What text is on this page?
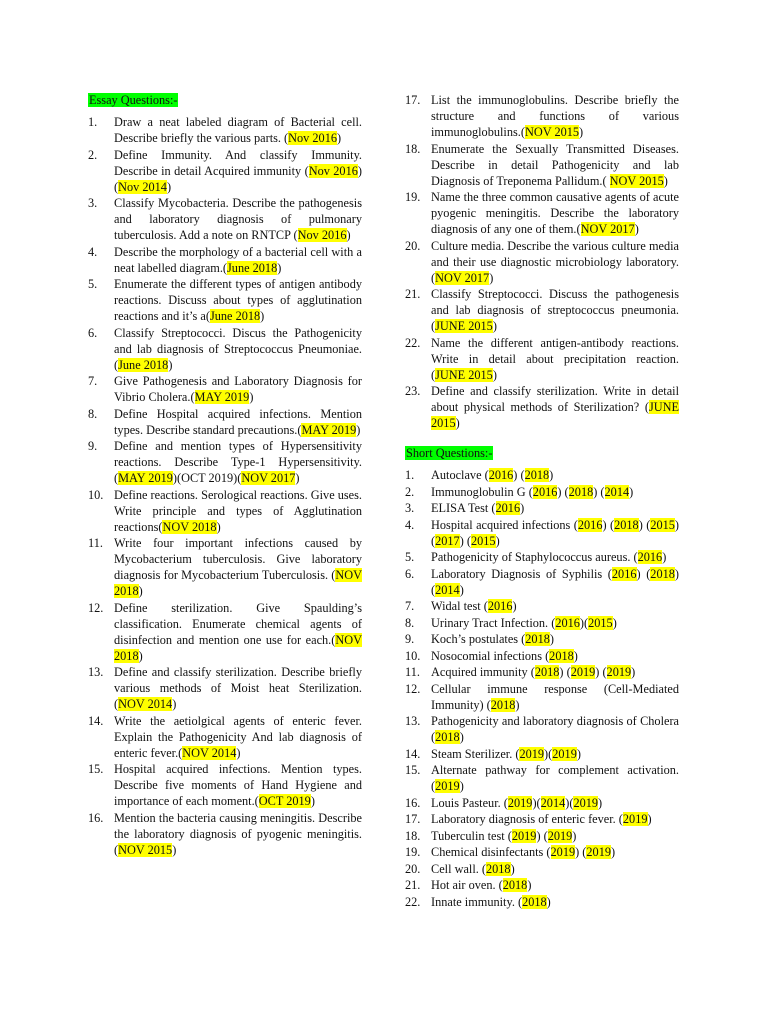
Essay Questions:-
1.	Draw a neat labeled diagram of Bacterial cell. Describe briefly the various parts. (Nov 2016)
2.	Define Immunity. And classify Immunity. Describe in detail Acquired immunity (Nov 2016)(Nov 2014)
3.	Classify Mycobacteria. Describe the pathogenesis and laboratory diagnosis of pulmonary tuberculosis. Add a note on RNTCP (Nov 2016)
4.	Describe the morphology of a bacterial cell with a neat labelled diagram.(June 2018)
5.	Enumerate the different types of antigen antibody reactions. Discuss about types of agglutination reactions and it’s a(June 2018)
6.	Classify Streptococci. Discus the Pathogenicity and lab diagnosis of Streptococcus Pneumoniae. (June 2018)
7.	Give Pathogenesis and Laboratory Diagnosis for Vibrio Cholera.(MAY 2019)
8.	Define Hospital acquired infections. Mention types. Describe standard precautions.(MAY 2019)
9.	Define and mention types of Hypersensitivity reactions. Describe Type-1 Hypersensitivity. (MAY 2019)(OCT 2019)(NOV 2017)
10. Define reactions. Serological reactions. Give uses. Write principle and types of Agglutination reactions(NOV 2018)
11. Write four important infections caused by Mycobacterium tuberculosis. Give laboratory diagnosis for Mycobacterium Tuberculosis. (NOV 2018)
12. Define sterilization. Give Spaulding’s classification. Enumerate chemical agents of disinfection and mention one use for each.(NOV 2018)
13. Define and classify sterilization. Describe briefly various methods of Moist heat Sterilization. (NOV 2014)
14. Write the aetiolgical agents of enteric fever. Explain the Pathogenicity And lab diagnosis of enteric fever.(NOV 2014)
15. Hospital acquired infections. Mention types. Describe five moments of Hand Hygiene and importance of each moment.(OCT 2019)
16. Mention the bacteria causing meningitis. Describe the laboratory diagnosis of pyogenic meningitis.(NOV 2015)
17. List the immunoglobulins. Describe briefly the structure and functions of various immunoglobulins.(NOV 2015)
18. Enumerate the Sexually Transmitted Diseases. Describe in detail Pathogenicity and lab Diagnosis of Treponema Pallidum.( NOV 2015)
19. Name the three common causative agents of acute pyogenic meningitis. Describe the laboratory diagnosis of any one of them.(NOV 2017)
20. Culture media. Describe the various culture media and their use diagnostic microbiology laboratory.(NOV 2017)
21. Classify Streptococci. Discuss the pathogenesis and lab diagnosis of streptococcus pneumonia. (JUNE 2015)
22. Name the different antigen-antibody reactions. Write in detail about precipitation reaction. (JUNE 2015)
23. Define and classify sterilization. Write in detail about physical methods of Sterilization? (JUNE 2015)
Short Questions:-
1.	Autoclave (2016) (2018)
2.	Immunoglobulin G (2016) (2018) (2014)
3.	ELISA Test (2016)
4.	Hospital acquired infections (2016) (2018) (2015) (2017) (2015)
5.	Pathogenicity of Staphylococcus aureus. (2016)
6.	Laboratory Diagnosis of Syphilis (2016) (2018) (2014)
7.	Widal test (2016)
8.	Urinary Tract Infection. (2016)(2015)
9.	Koch’s postulates (2018)
10. Nosocomial infections (2018)
11. Acquired immunity (2018) (2019) (2019)
12. Cellular immune response (Cell-Mediated Immunity) (2018)
13. Pathogenicity and laboratory diagnosis of Cholera (2018)
14. Steam Sterilizer. (2019)(2019)
15. Alternate pathway for complement activation. (2019)
16. Louis Pasteur. (2019)(2014)(2019)
17. Laboratory diagnosis of enteric fever. (2019)
18. Tuberculin test (2019) (2019)
19. Chemical disinfectants (2019) (2019)
20. Cell wall. (2018)
21. Hot air oven. (2018)
22. Innate immunity. (2018)
